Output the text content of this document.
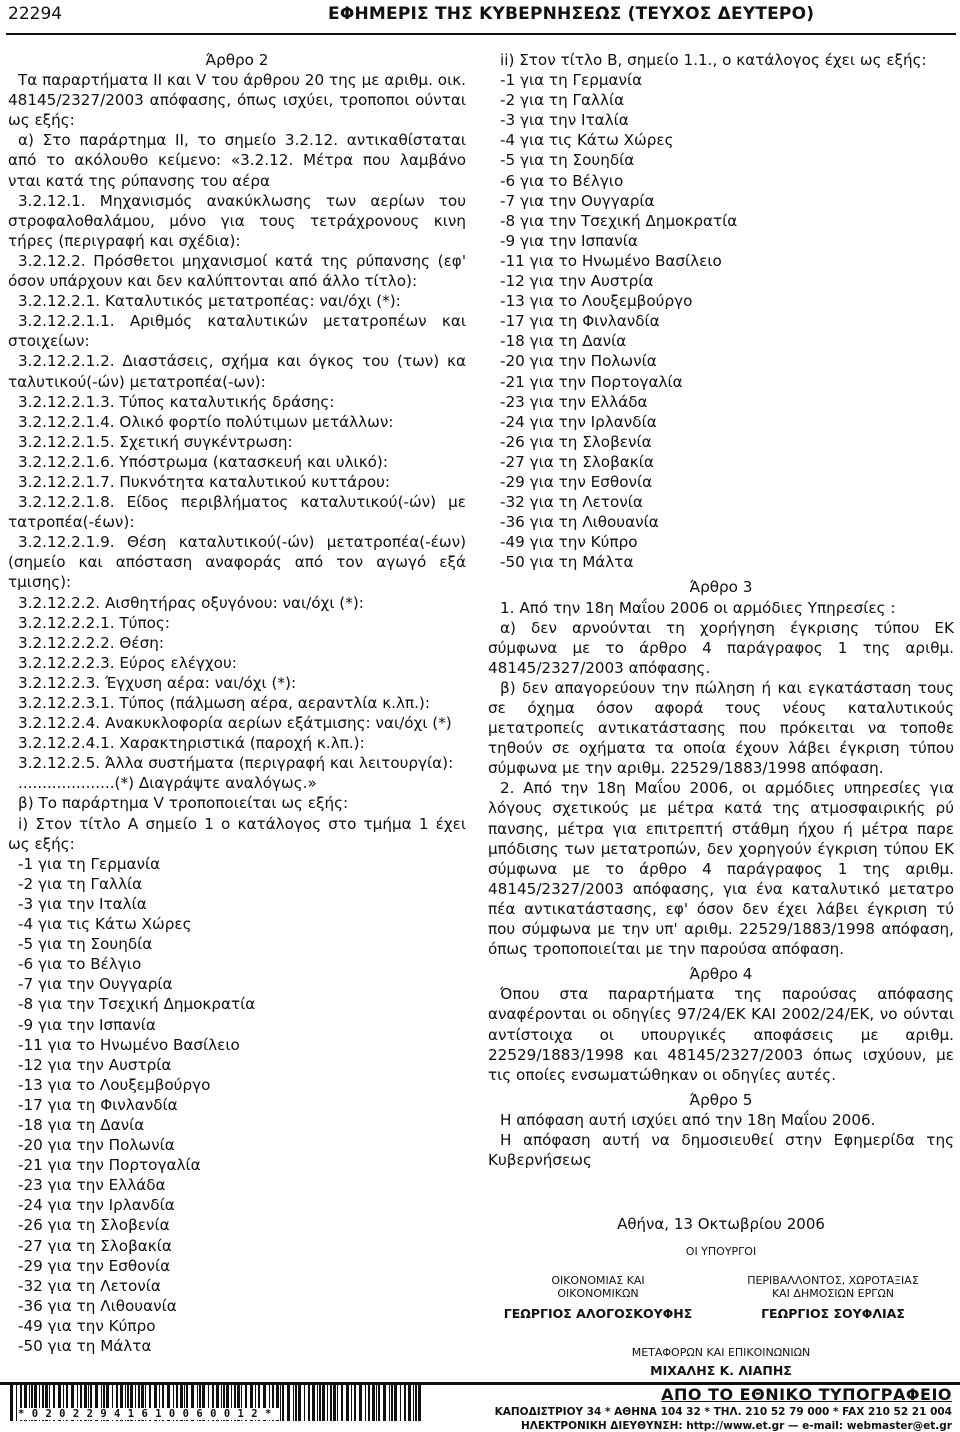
22294	ΕΦΗΜΕΡΙΣ ΤΗΣ ΚΥΒΕΡΝΗΣΕΩΣ (ΤΕΥΧΟΣ ΔΕΥΤΕΡΟ)

Άρθρο 2

Τα παραρτήματα ΙΙ και V του άρθρου 20 της με αριθμ. οικ. 48145/2327/2003 απόφασης, όπως ισχύει, τροποποι ούνται ως εξής:

α) Στο παράρτημα ΙΙ, το σημείο 3.2.12. αντικαθίσταται από το ακόλουθο κείμενο: «3.2.12. Μέτρα που λαμβάνο νται κατά της ρύπανσης του αέρα

3.2.12.1. Μηχανισμός ανακύκλωσης των αερίων του στροφαλοθαλάμου, μόνο για τους τετράχρονους κινη τήρες (περιγραφή και σχέδια):

3.2.12.2. Πρόσθετοι μηχανισμοί κατά της ρύπανσης (εφ' όσον υπάρχουν και δεν καλύπτονται από άλλο τίτλο):

3.2.12.2.1. Καταλυτικός μετατροπέας: ναι/όχι (*):

3.2.12.2.1.1. Αριθμός καταλυτικών μετατροπέων και στοιχείων:

3.2.12.2.1.2. Διαστάσεις, σχήμα και όγκος του (των) κα ταλυτικού(-ών) μετατροπέα(-ων):

3.2.12.2.1.3. Τύπος καταλυτικής δράσης:

3.2.12.2.1.4. Ολικό φορτίο πολύτιμων μετάλλων:

3.2.12.2.1.5. Σχετική συγκέντρωση:

3.2.12.2.1.6. Υπόστρωμα (κατασκευή και υλικό):

3.2.12.2.1.7. Πυκνότητα καταλυτικού κυττάρου:

3.2.12.2.1.8. Είδος περιβλήματος καταλυτικού(-ών) με τατροπέα(-έων):

3.2.12.2.1.9. Θέση καταλυτικού(-ών) μετατροπέα(-έων) (σημείο και απόσταση αναφοράς από τον αγωγό εξά τμισης):

3.2.12.2.2. Αισθητήρας οξυγόνου: ναι/όχι (*):

3.2.12.2.2.1. Τύπος:

3.2.12.2.2.2. Θέση:

3.2.12.2.2.3. Εύρος ελέγχου:

3.2.12.2.3. Έγχυση αέρα: ναι/όχι (*):

3.2.12.2.3.1. Τύπος (πάλμωση αέρα, αεραντλία κ.λπ.):

3.2.12.2.4. Ανακυκλοφορία αερίων εξάτμισης: ναι/όχι (*)

3.2.12.2.4.1. Χαρακτηριστικά (παροχή κ.λπ.):

3.2.12.2.5. Άλλα συστήματα (περιγραφή και λειτουργία):

....................(*) Διαγράψτε αναλόγως.»

β) Το παράρτημα V τροποποιείται ως εξής:

i) Στον τίτλο Α σημείο 1 ο κατάλογος στο τμήμα 1 έχει ως εξής:

-1 για τη Γερμανία

-2 για τη Γαλλία

-3 για την Ιταλία

-4 για τις Κάτω Χώρες

-5 για τη Σουηδία

-6 για το Βέλγιο

-7 για την Ουγγαρία

-8 για την Τσεχική Δημοκρατία

-9 για την Ισπανία

-11 για το Ηνωμένο Βασίλειο

-12 για την Αυστρία

-13 για το Λουξεμβούργο

-17 για τη Φινλανδία

-18 για τη Δανία

-20 για την Πολωνία

-21 για την Πορτογαλία

-23 για την Ελλάδα

-24 για την Ιρλανδία

-26 για τη Σλοβενία

-27 για τη Σλοβακία

-29 για την Εσθονία

-32 για τη Λετονία

-36 για τη Λιθουανία

-49 για την Κύπρο

-50 για τη Μάλτα

ii) Στον τίτλο Β, σημείο 1.1., ο κατάλογος έχει ως εξής:

-1 για τη Γερμανία

-2 για τη Γαλλία

-3 για την Ιταλία

-4 για τις Κάτω Χώρες

-5 για τη Σουηδία

-6 για το Βέλγιο

-7 για την Ουγγαρία

-8 για την Τσεχική Δημοκρατία

-9 για την Ισπανία

-11 για το Ηνωμένο Βασίλειο

-12 για την Αυστρία

-13 για το Λουξεμβούργο

-17 για τη Φινλανδία

-18 για τη Δανία

-20 για την Πολωνία

-21 για την Πορτογαλία

-23 για την Ελλάδα

-24 για την Ιρλανδία

-26 για τη Σλοβενία

-27 για τη Σλοβακία

-29 για την Εσθονία

-32 για τη Λετονία

-36 για τη Λιθουανία

-49 για την Κύπρο

-50 για τη Μάλτα

Άρθρο 3

1. Από την 18η Μαΐου 2006 οι αρμόδιες Υπηρεσίες :

α) δεν αρνούνται τη χορήγηση έγκρισης τύπου ΕΚ σύμφωνα με το άρθρο 4 παράγραφος 1 της αριθμ. 48145/2327/2003 απόφασης.

β) δεν απαγορεύουν την πώληση ή και εγκατάσταση τους σε όχημα όσον αφορά τους νέους καταλυτικούς μετατροπείς αντικατάστασης που πρόκειται να τοποθε τηθούν σε οχήματα τα οποία έχουν λάβει έγκριση τύπου σύμφωνα με την αριθμ. 22529/1883/1998 απόφαση.

2. Από την 18η Μαΐου 2006, οι αρμόδιες υπηρεσίες για λόγους σχετικούς με μέτρα κατά της ατμοσφαιρικής ρύ πανσης, μέτρα για επιτρεπτή στάθμη ήχου ή μέτρα παρε μπόδισης των μετατροπών, δεν χορηγούν έγκριση τύπου ΕΚ σύμφωνα με το άρθρο 4 παράγραφος 1 της αριθμ. 48145/2327/2003 απόφασης, για ένα καταλυτικό μετατρο πέα αντικατάστασης, εφ' όσον δεν έχει λάβει έγκριση τύ που σύμφωνα με την υπ' αριθμ. 22529/1883/1998 απόφαση, όπως τροποποιείται με την παρούσα απόφαση.

Άρθρο 4

Όπου στα παραρτήματα της παρούσας απόφασης αναφέρονται οι οδηγίες 97/24/ΕΚ ΚΑΙ 2002/24/ΕΚ, νο ούνται αντίστοιχα οι υπουργικές αποφάσεις με αριθμ. 22529/1883/1998 και 48145/2327/2003 όπως ισχύουν, με τις οποίες ενσωματώθηκαν οι οδηγίες αυτές.

Άρθρο 5

Η απόφαση αυτή ισχύει από την 18η Μαΐου 2006.

Η απόφαση αυτή να δημοσιευθεί στην Εφημερίδα της Κυβερνήσεως

Αθήνα, 13 Οκτωβρίου 2006

ΟΙ ΥΠΟΥΡΓΟΙ

ΟΙΚΟΝΟΜΙΑΣ ΚΑΙ
ΟΙΚΟΝΟΜΙΚΩΝ
ΓΕΩΡΓΙΟΣ ΑΛΟΓΟΣΚΟΥΦΗΣ
ΠΕΡΙΒΑΛΛΟΝΤΟΣ, ΧΩΡΟΤΑΞΙΑΣ
ΚΑΙ ΔΗΜΟΣΙΩΝ ΕΡΓΩΝ
ΓΕΩΡΓΙΟΣ ΣΟΥΦΛΙΑΣ

ΜΕΤΑΦΟΡΩΝ ΚΑΙ ΕΠΙΚΟΙΝΩΝΙΩΝ

ΜΙΧΑΛΗΣ Κ. ΛΙΑΠΗΣ

*02022941610060012*
ΑΠΟ ΤΟ ΕΘΝΙΚΟ ΤΥΠΟΓΡΑΦΕΙΟ
ΚΑΠΟΔΙΣΤΡΙΟΥ 34 * ΑΘΗΝΑ 104 32 * ΤΗΛ. 210 52 79 000 * FAX 210 52 21 004
ΗΛΕΚΤΡΟΝΙΚΗ ΔΙΕΥΘΥΝΣΗ: http://www.et.gr — e-mail: webmaster@et.gr
